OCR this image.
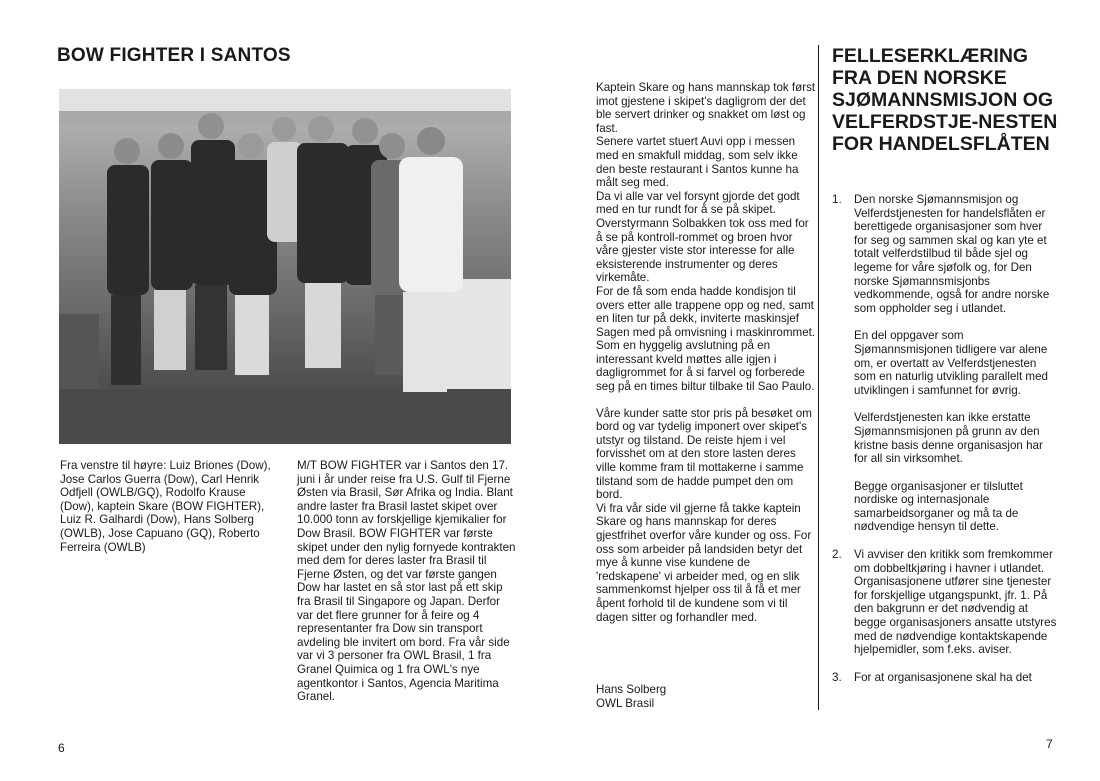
BOW FIGHTER I SANTOS
Fra venstre til høyre: Luiz Briones (Dow), Jose Carlos Guerra (Dow), Carl Henrik Odfjell (OWLB/GQ), Rodolfo Krause (Dow), kaptein Skare (BOW FIGHTER), Luiz R. Galhardi (Dow), Hans Solberg (OWLB), Jose Capuano (GQ), Roberto Ferreira (OWLB)
M/T BOW FIGHTER var i Santos den 17. juni i år under reise fra U.S. Gulf til Fjerne Østen via Brasil, Sør Afrika og India. Blant andre laster fra Brasil lastet skipet over 10.000 tonn av forskjellige kjemikalier for Dow Brasil. BOW FIGHTER var første skipet under den nylig fornyede kontrakten med dem for deres laster fra Brasil til Fjerne Østen, og det var første gangen Dow har lastet en så stor last på ett skip fra Brasil til Singapore og Japan. Derfor var det flere grunner for å feire og 4 representanter fra Dow sin transport avdeling ble invitert om bord. Fra vår side var vi 3 personer fra OWL Brasil, 1 fra Granel Quimica og 1 fra OWL's nye agentkontor i Santos, Agencia Maritima Granel.
6

Kaptein Skare og hans mannskap tok først imot gjestene i skipet's dagligrom der det ble servert drinker og snakket om løst og fast.

Senere vartet stuert Auvi opp i messen med en smakfull middag, som selv ikke den beste restaurant i Santos kunne ha målt seg med.

Da vi alle var vel forsynt gjorde det godt med en tur rundt for å se på skipet. Overstyrmann Solbakken tok oss med for å se på kontroll-rommet og broen hvor våre gjester viste stor interesse for alle eksisterende instrumenter og deres virkemåte.

For de få som enda hadde kondisjon til overs etter alle trappene opp og ned, samt en liten tur på dekk, inviterte maskinsjef Sagen med på omvisning i maskinrommet.

Som en hyggelig avslutning på en interessant kveld møttes alle igjen i dagligrommet for å si farvel og forberede seg på en times biltur tilbake til Sao Paulo.

Våre kunder satte stor pris på besøket om bord og var tydelig imponert over skipet's utstyr og tilstand. De reiste hjem i vel forvisshet om at den store lasten deres ville komme fram til mottakerne i samme tilstand som de hadde pumpet den om bord.

Vi fra vår side vil gjerne få takke kaptein Skare og hans mannskap for deres gjestfrihet overfor våre kunder og oss. For oss som arbeider på landsiden betyr det mye å kunne vise kundene de 'redskapene' vi arbeider med, og en slik sammenkomst hjelper oss til å få et mer åpent forhold til de kundene som vi til dagen sitter og forhandler med.

Hans Solberg

OWL Brasil

FELLESERKLÆRING FRA DEN NORSKE SJØMANNSMISJON OG VELFERDSTJE-NESTEN FOR HANDELSFLÅTEN
1. Den norske Sjømannsmisjon og Velferdstjenesten for handelsflåten er berettigede organisasjoner som hver for seg og sammen skal og kan yte et totalt velferdstilbud til både sjel og legeme for våre sjøfolk og, for Den norske Sjømannsmisjonbs vedkommende, også for andre norske som oppholder seg i utlandet.

En del oppgaver som Sjømannsmisjonen tidligere var alene om, er overtatt av Velferdstjenesten som en naturlig utvikling parallelt med utviklingen i samfunnet for øvrig.

Velferdstjenesten kan ikke erstatte Sjømannsmisjonen på grunn av den kristne basis denne organisasjon har for all sin virksomhet.

Begge organisasjoner er tilsluttet nordiske og internasjonale samarbeidsorganer og må ta de nødvendige hensyn til dette.

2. Vi avviser den kritikk som fremkommer om dobbeltkjøring i havner i utlandet.

Organisasjonene utfører sine tjenester for forskjellige utgangspunkt, jfr. 1. På den bakgrunn er det nødvendig at begge organisasjoners ansatte utstyres med de nødvendige kontaktskapende hjelpemidler, som f.eks. aviser.

3. For at organisasjonene skal ha det

7
